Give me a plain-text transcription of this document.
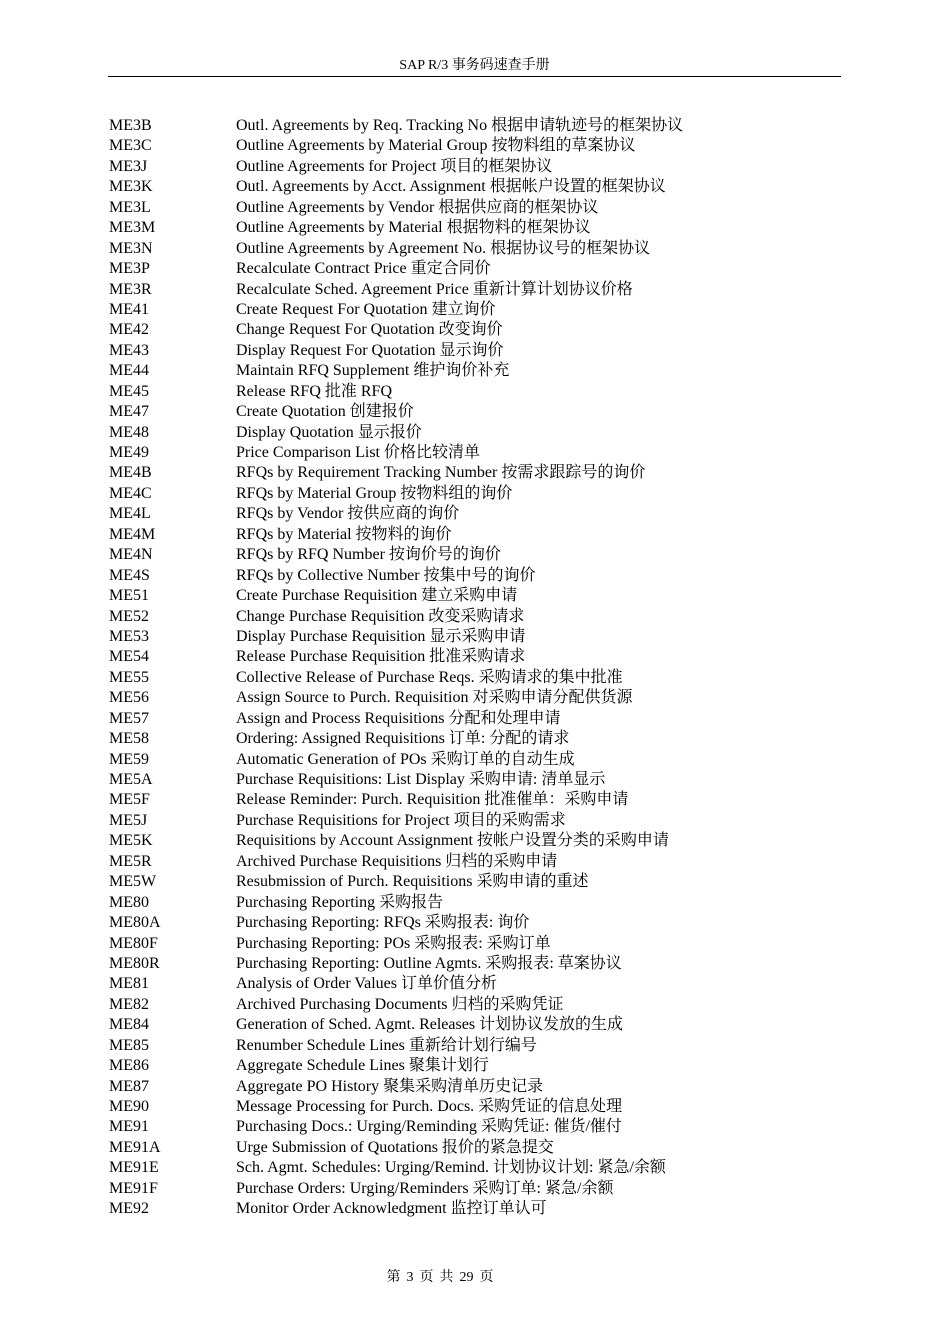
SAP R/3 事务码速查手册
ME3B	Outl. Agreements by Req. Tracking No 根据申请轨迹号的框架协议
ME3C	Outline Agreements by Material Group 按物料组的草案协议
ME3J	Outline Agreements for Project 项目的框架协议
ME3K	Outl. Agreements by Acct. Assignment 根据帐户设置的框架协议
ME3L	Outline Agreements by Vendor 根据供应商的框架协议
ME3M	Outline Agreements by Material 根据物料的框架协议
ME3N	Outline Agreements by Agreement No. 根据协议号的框架协议
ME3P	Recalculate Contract Price 重定合同价
ME3R	Recalculate Sched. Agreement Price 重新计算计划协议价格
ME41	Create Request For Quotation 建立询价
ME42	Change Request For Quotation 改变询价
ME43	Display Request For Quotation 显示询价
ME44	Maintain RFQ Supplement 维护询价补充
ME45	Release RFQ 批准 RFQ
ME47	Create Quotation 创建报价
ME48	Display Quotation 显示报价
ME49	Price Comparison List 价格比较清单
ME4B	RFQs by Requirement Tracking Number 按需求跟踪号的询价
ME4C	RFQs by Material Group 按物料组的询价
ME4L	RFQs by Vendor 按供应商的询价
ME4M	RFQs by Material 按物料的询价
ME4N	RFQs by RFQ Number 按询价号的询价
ME4S	RFQs by Collective Number 按集中号的询价
ME51	Create Purchase Requisition 建立采购申请
ME52	Change Purchase Requisition 改变采购请求
ME53	Display Purchase Requisition 显示采购申请
ME54	Release Purchase Requisition 批准采购请求
ME55	Collective Release of Purchase Reqs. 采购请求的集中批准
ME56	Assign Source to Purch. Requisition 对采购申请分配供货源
ME57	Assign and Process Requisitions 分配和处理申请
ME58	Ordering: Assigned Requisitions 订单: 分配的请求
ME59	Automatic Generation of POs 采购订单的自动生成
ME5A	Purchase Requisitions: List Display 采购申请: 清单显示
ME5F	Release Reminder: Purch. Requisition 批准催单：采购申请
ME5J	Purchase Requisitions for Project 项目的采购需求
ME5K	Requisitions by Account Assignment 按帐户设置分类的采购申请
ME5R	Archived Purchase Requisitions 归档的采购申请
ME5W	Resubmission of Purch. Requisitions 采购申请的重述
ME80	Purchasing Reporting 采购报告
ME80A	Purchasing Reporting: RFQs 采购报表: 询价
ME80F	Purchasing Reporting: POs 采购报表: 采购订单
ME80R	Purchasing Reporting: Outline Agmts. 采购报表: 草案协议
ME81	Analysis of Order Values 订单价值分析
ME82	Archived Purchasing Documents 归档的采购凭证
ME84	Generation of Sched. Agmt. Releases 计划协议发放的生成
ME85	Renumber Schedule Lines 重新给计划行编号
ME86	Aggregate Schedule Lines 聚集计划行
ME87	Aggregate PO History 聚集采购清单历史记录
ME90	Message Processing for Purch. Docs. 采购凭证的信息处理
ME91	Purchasing Docs.: Urging/Reminding 采购凭证: 催货/催付
ME91A	Urge Submission of Quotations 报价的紧急提交
ME91E	Sch. Agmt. Schedules: Urging/Remind. 计划协议计划: 紧急/余额
ME91F	Purchase Orders: Urging/Reminders 采购订单: 紧急/余额
ME92	Monitor Order Acknowledgment 监控订单认可
第 3 页 共 29 页
